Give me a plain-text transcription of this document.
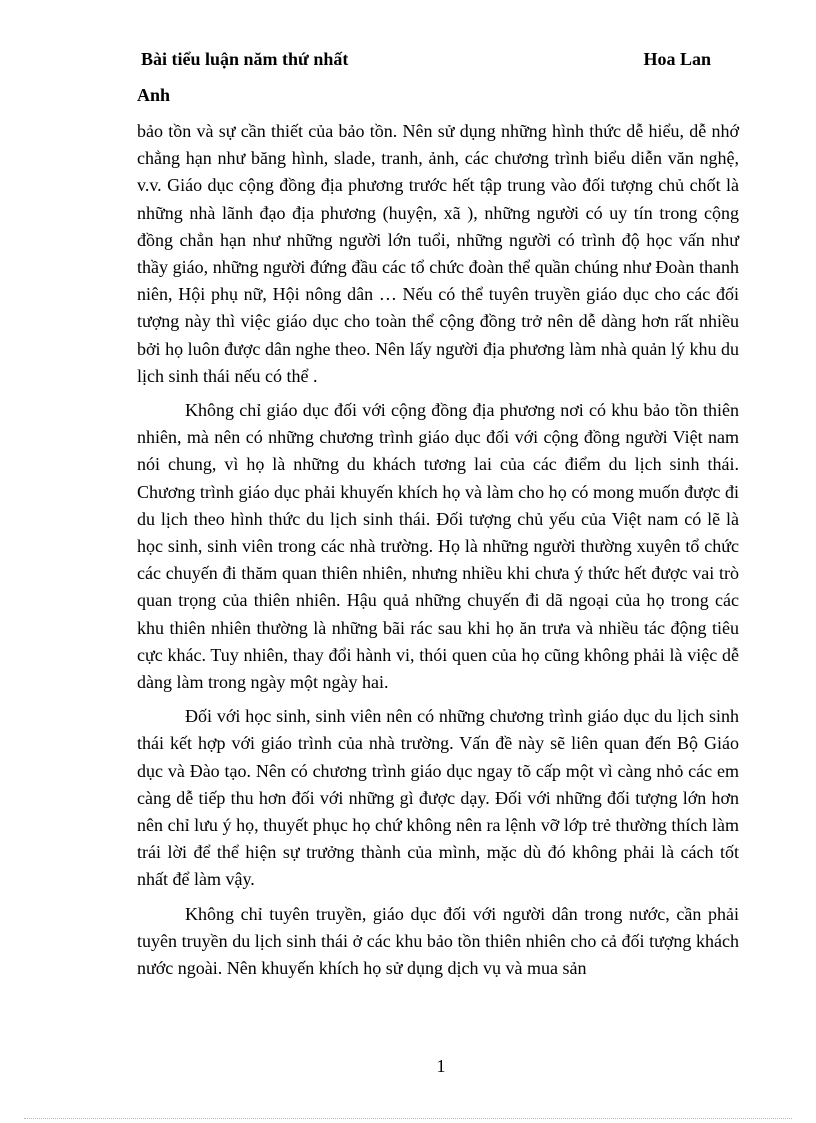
Bài tiểu luận năm thứ nhất	Hoa Lan
Anh

bảo tồn và sự cần thiết của bảo tồn. Nên sử dụng những hình thức dễ hiểu, dễ nhớ chẳng hạn như băng hình, slade, tranh, ảnh, các chương trình biểu diễn văn nghệ, v.v. Giáo dục cộng đồng địa phương trước hết tập trung vào đối tượng chủ chốt là những nhà lãnh đạo địa phương (huyện, xã ), những người có uy tín trong cộng đồng chẳn hạn như những người lớn tuổi, những người có trình độ học vấn như thầy giáo, những người đứng đầu các tổ chức đoàn thể quần chúng như Đoàn thanh niên, Hội phụ nữ, Hội nông dân … Nếu có thể tuyên truyền giáo dục cho các đối tượng này thì việc giáo dục cho toàn thể cộng đồng trở nên dễ dàng hơn rất nhiều bởi họ luôn được dân nghe theo. Nên lấy người địa phương làm nhà quản lý khu du lịch sinh thái nếu có thể .

Không chỉ giáo dục đối với cộng đồng địa phương nơi có khu bảo tồn thiên nhiên, mà nên có những chương trình giáo dục đối với cộng đồng người Việt nam nói chung, vì họ là những du khách tương lai của các điểm du lịch sinh thái. Chương trình giáo dục phải khuyến khích họ và làm cho họ có mong muốn được đi du lịch theo hình thức du lịch sinh thái. Đối tượng chủ yếu của Việt nam có lẽ là học sinh, sinh viên trong các nhà trường. Họ là những người thường xuyên tổ chức các chuyến đi thăm quan thiên nhiên, nhưng nhiều khi chưa ý thức hết được vai trò quan trọng của thiên nhiên. Hậu quả những chuyến đi dã ngoại của họ trong các khu thiên nhiên thường là những bãi rác sau khi họ ăn trưa và nhiều tác động tiêu cực khác. Tuy nhiên, thay đổi hành vi, thói quen của họ cũng không phải là việc dễ dàng làm trong ngày một ngày hai.

Đối với học sinh, sinh viên nên có những chương trình giáo dục du lịch sinh thái kết hợp với giáo trình của nhà trường. Vấn đề này sẽ liên quan đến Bộ Giáo dục và Đào tạo. Nên có chương trình giáo dục ngay tõ cấp một vì càng nhỏ các em càng dễ tiếp thu hơn đối với những gì được dạy. Đối với những đối tượng lớn hơn nên chỉ lưu ý họ, thuyết phục họ chứ không nên ra lệnh vỡ lớp trẻ thường thích làm trái lời để thể hiện sự trưởng thành của mình, mặc dù đó không phải là cách tốt nhất để làm vậy.

Không chỉ tuyên truyền, giáo dục đối với người dân trong nước, cần phải tuyên truyền du lịch sinh thái ở các khu bảo tồn thiên nhiên cho cả đối tượng khách nước ngoài. Nên khuyến khích họ sử dụng dịch vụ và mua sản

1
